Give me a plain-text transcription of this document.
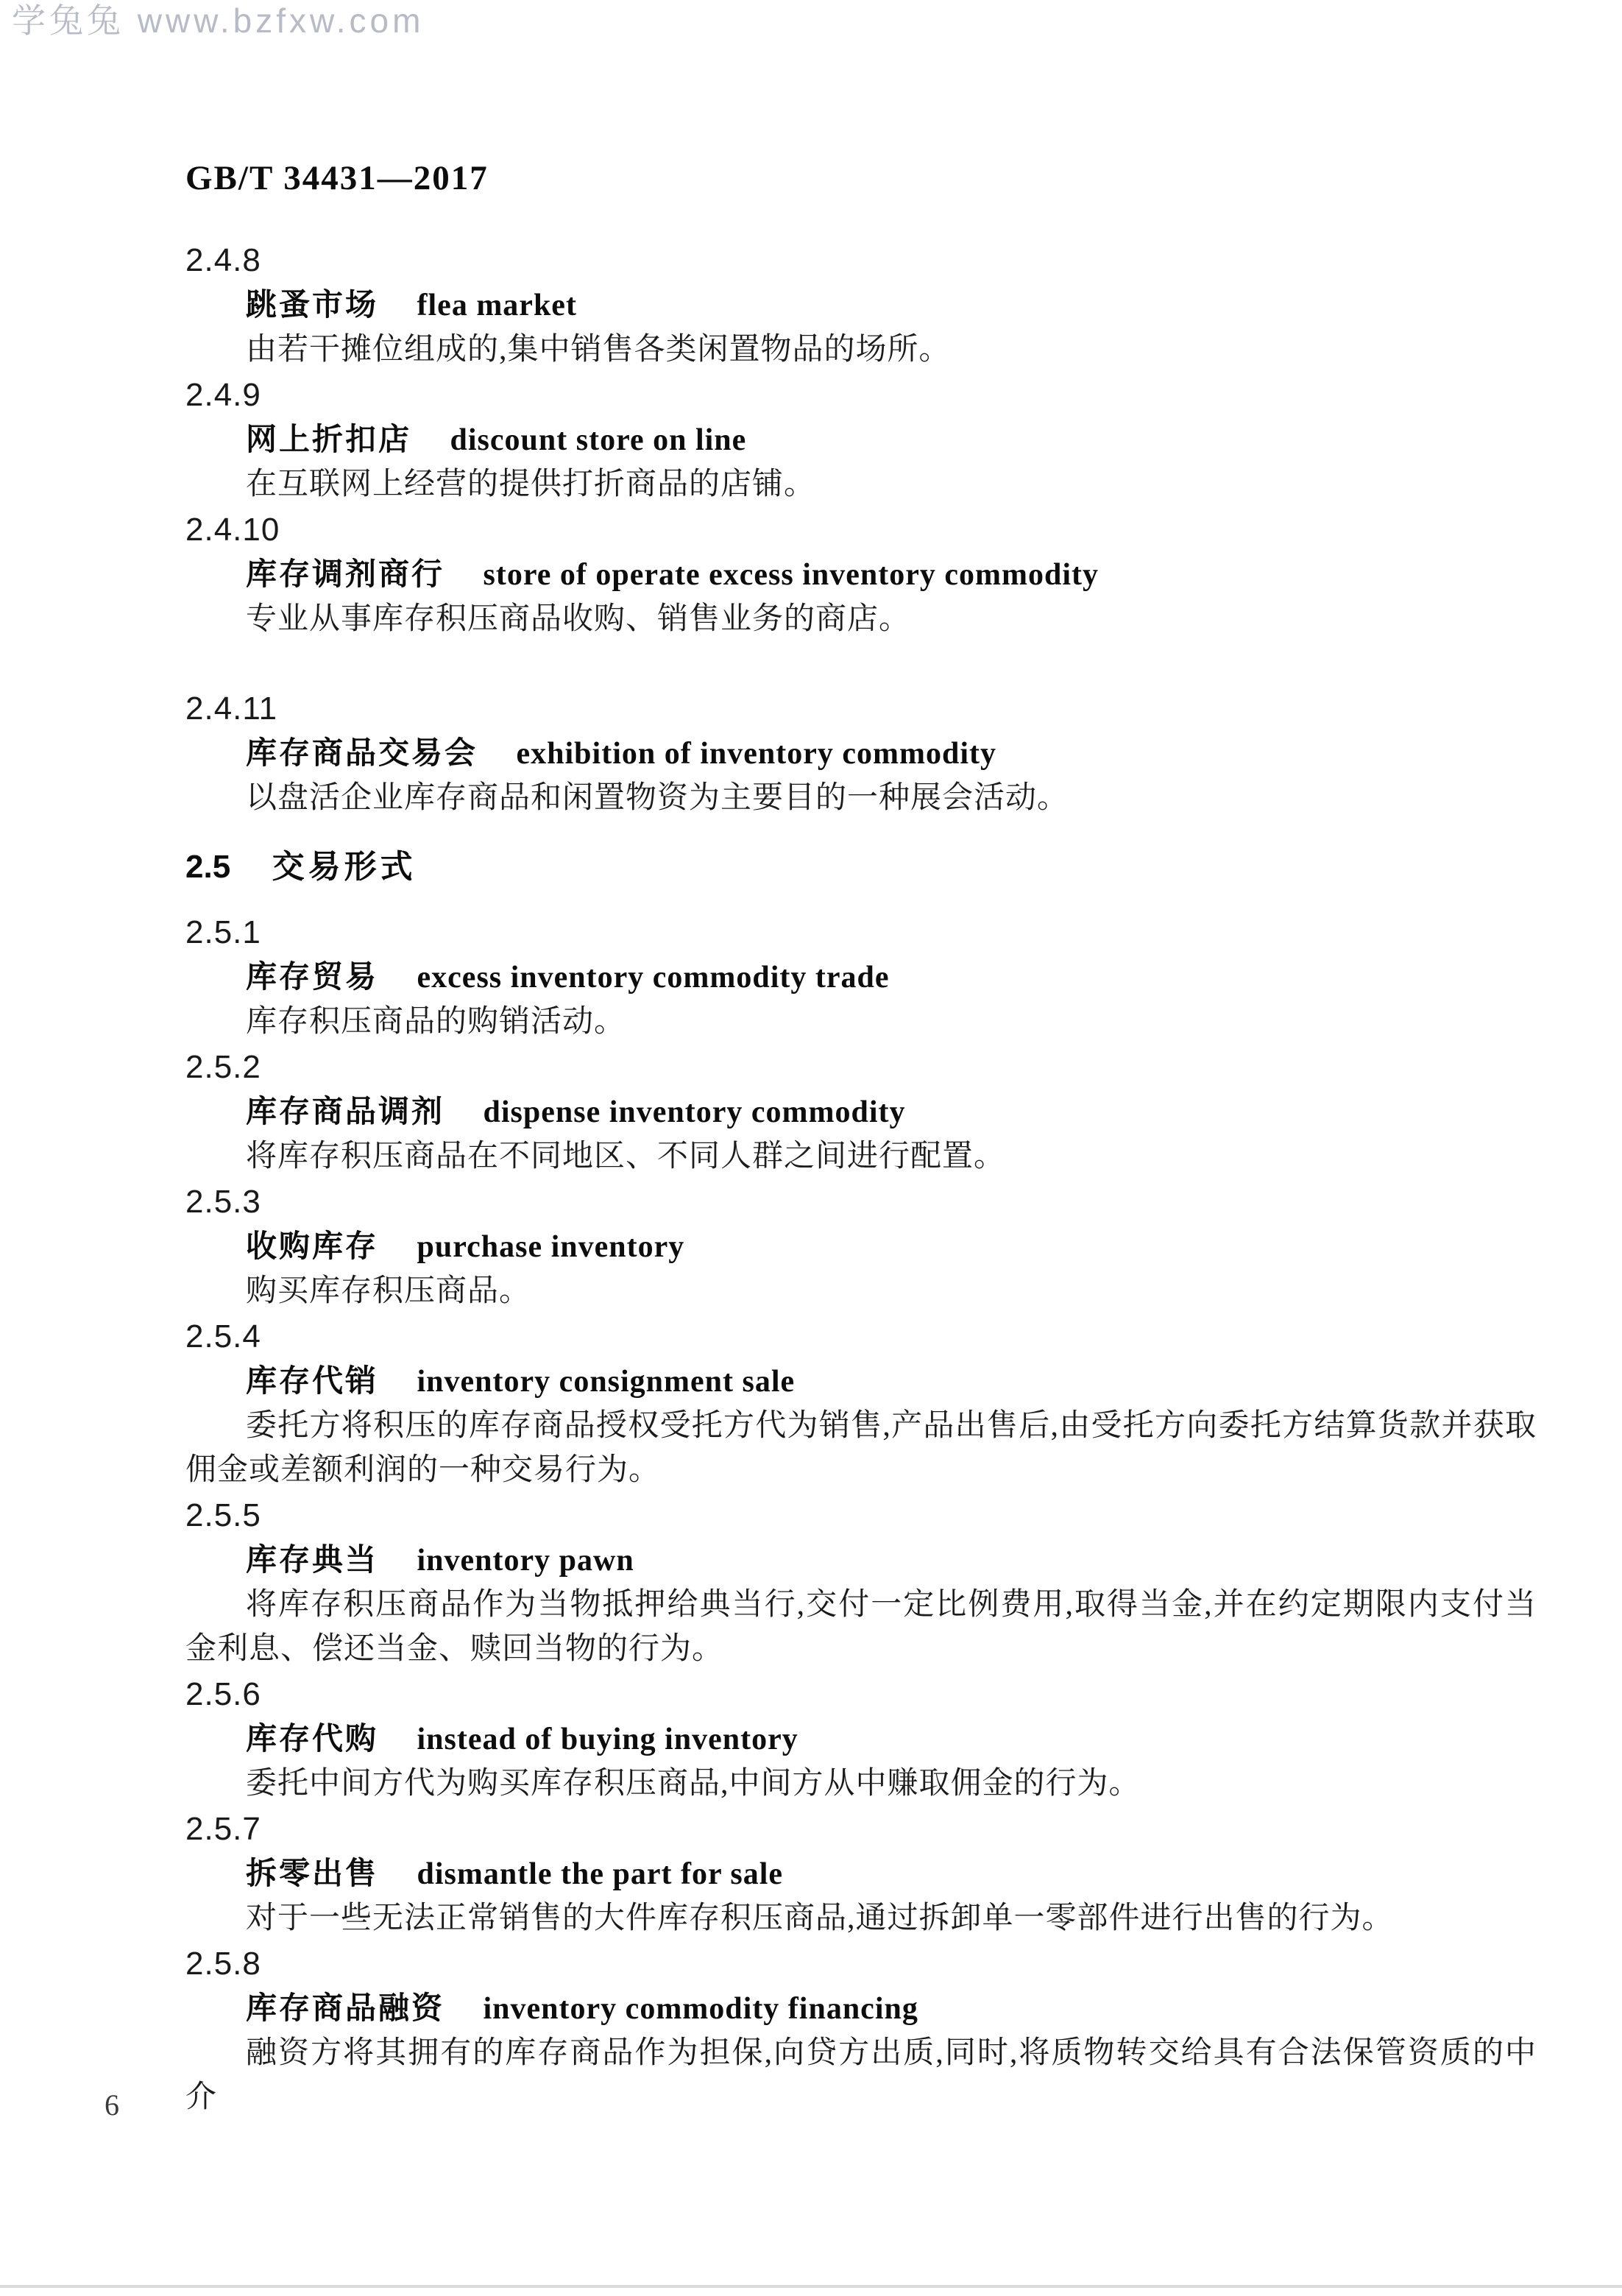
学兔兔 www.bzfxw.com
GB/T 34431—2017
2.4.8
跳蚤市场 flea market

由若干摊位组成的,集中销售各类闲置物品的场所。

2.4.9
网上折扣店 discount store on line

在互联网上经营的提供打折商品的店铺。

2.4.10
库存调剂商行 store of operate excess inventory commodity

专业从事库存积压商品收购、销售业务的商店。

2.4.11
库存商品交易会 exhibition of inventory commodity

以盘活企业库存商品和闲置物资为主要目的一种展会活动。

2.5 交易形式
2.5.1
库存贸易 excess inventory commodity trade

库存积压商品的购销活动。

2.5.2
库存商品调剂 dispense inventory commodity

将库存积压商品在不同地区、不同人群之间进行配置。

2.5.3
收购库存 purchase inventory

购买库存积压商品。

2.5.4
库存代销 inventory consignment sale

委托方将积压的库存商品授权受托方代为销售,产品出售后,由受托方向委托方结算货款并获取佣金或差额利润的一种交易行为。

2.5.5
库存典当 inventory pawn

将库存积压商品作为当物抵押给典当行,交付一定比例费用,取得当金,并在约定期限内支付当金利息、偿还当金、赎回当物的行为。

2.5.6
库存代购 instead of buying inventory

委托中间方代为购买库存积压商品,中间方从中赚取佣金的行为。

2.5.7
拆零出售 dismantle the part for sale

对于一些无法正常销售的大件库存积压商品,通过拆卸单一零部件进行出售的行为。

2.5.8
库存商品融资 inventory commodity financing

融资方将其拥有的库存商品作为担保,向贷方出质,同时,将质物转交给具有合法保管资质的中介

6
